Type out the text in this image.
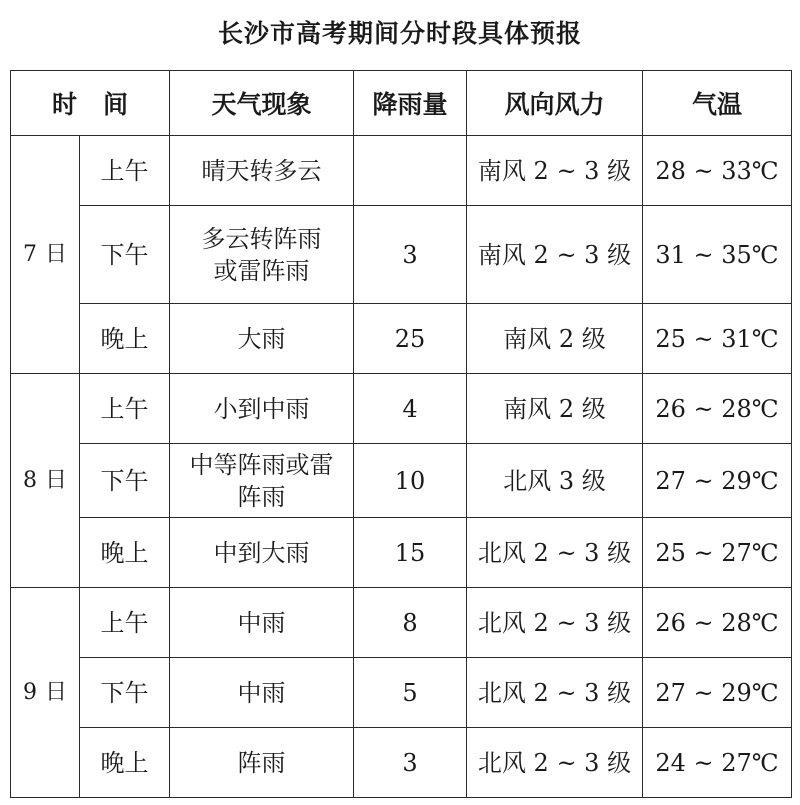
长沙市高考期间分时段具体预报
时间		天气现象	降雨量	风向风力	气温
7 日	上午	晴天转多云		南风 2 ~ 3 级	28 ~ 33℃
	下午	多云转阵雨或雷阵雨	3	南风 2 ~ 3 级	31 ~ 35℃
	晚上	大雨	25	南风 2 级	25 ~ 31℃
8 日	上午	小到中雨	4	南风 2 级	26 ~ 28℃
	下午	中等阵雨或雷阵雨	10	北风 3 级	27 ~ 29℃
	晚上	中到大雨	15	北风 2 ~ 3 级	25 ~ 27℃
9 日	上午	中雨	8	北风 2 ~ 3 级	26 ~ 28℃
	下午	中雨	5	北风 2 ~ 3 级	27 ~ 29℃
	晚上	阵雨	3	北风 2 ~ 3 级	24 ~ 27℃
